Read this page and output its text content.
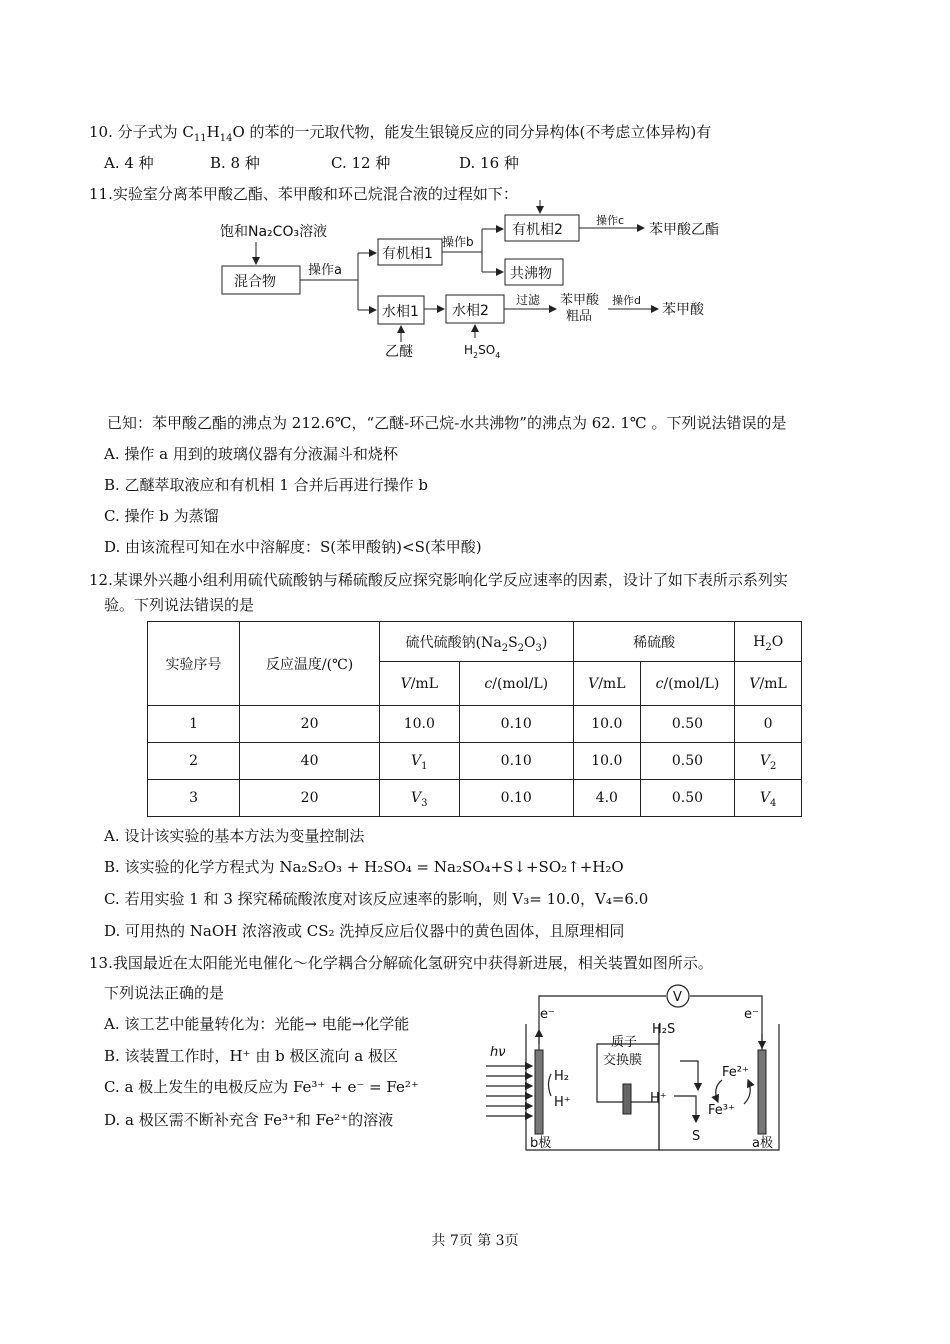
10. 分子式为 $C_{11}H_{14}O$ 的苯的一元取代物，能发生银镜反应的同分异构体(不考虑立体异构)有
A. 4 种	B. 8 种	C. 12 种	D. 16 种
11.实验室分离苯甲酸乙酯、苯甲酸和环己烷混合液的过程如下：
饱和Na₂CO₃溶液
混合物
操作a
有机相1
操作b
有机相2
操作c
苯甲酸乙酯
共沸物
水相1 水相2
过滤 苯甲酸
粗品
操作d
苯甲酸
乙醚	$H_2SO_4$
已知：苯甲酸乙酯的沸点为 212.6℃，“乙醚-环己烷-水共沸物”的沸点为 62. 1℃ 。下列说法错误的是
A. 操作 a 用到的玻璃仪器有分液漏斗和烧杯
B. 乙醚萃取液应和有机相 1 合并后再进行操作 b
C. 操作 b 为蒸馏
D. 由该流程可知在水中溶解度：S(苯甲酸钠)<S(苯甲酸)
12.某课外兴趣小组利用硫代硫酸钠与稀硫酸反应探究影响化学反应速率的因素，设计了如下表所示系列实
验。下列说法错误的是
实验序号	反应温度/(℃)	硫代硫酸钠$(Na_2S_2O_3)$		稀硫酸		$H_2O$
		V/mL	c/(mol/L)	V/mL	c/(mol/L)	V/mL
1	20	10.0	0.10	10.0	0.50	0
2	40	$V_1$	0.10	10.0	0.50	$V_2$
3	20	$V_3$	0.10	4.0	0.50	$V_4$
A. 设计该实验的基本方法为变量控制法
B. 该实验的化学方程式为 Na₂S₂O₃ + H₂SO₄ = Na₂SO₄+S↓+SO₂↑+H₂O
C. 若用实验 1 和 3 探究稀硫酸浓度对该反应速率的影响，则 V₃= 10.0，V₄=6.0
D. 可用热的 NaOH 浓溶液或 CS₂ 洗掉反应后仪器中的黄色固体，且原理相同
13.我国最近在太阳能光电催化～化学耦合分解硫化氢研究中获得新进展，相关装置如图所示。
下列说法正确的是
A. 该工艺中能量转化为：光能→ 电能→化学能
B. 该装置工作时，H⁺ 由 b 极区流向 a 极区
C. a 极上发生的电极反应为 Fe³⁺ + e⁻ = Fe²⁺
D. a 极区需不断补充含 Fe³⁺和 Fe²⁺的溶液
V
e⁻	e⁻
hν
H₂
H⁺
质子
交换膜
H₂S
H⁺
S
Fe²⁺
Fe³⁺
b极	a极
共 7页 第 3页
